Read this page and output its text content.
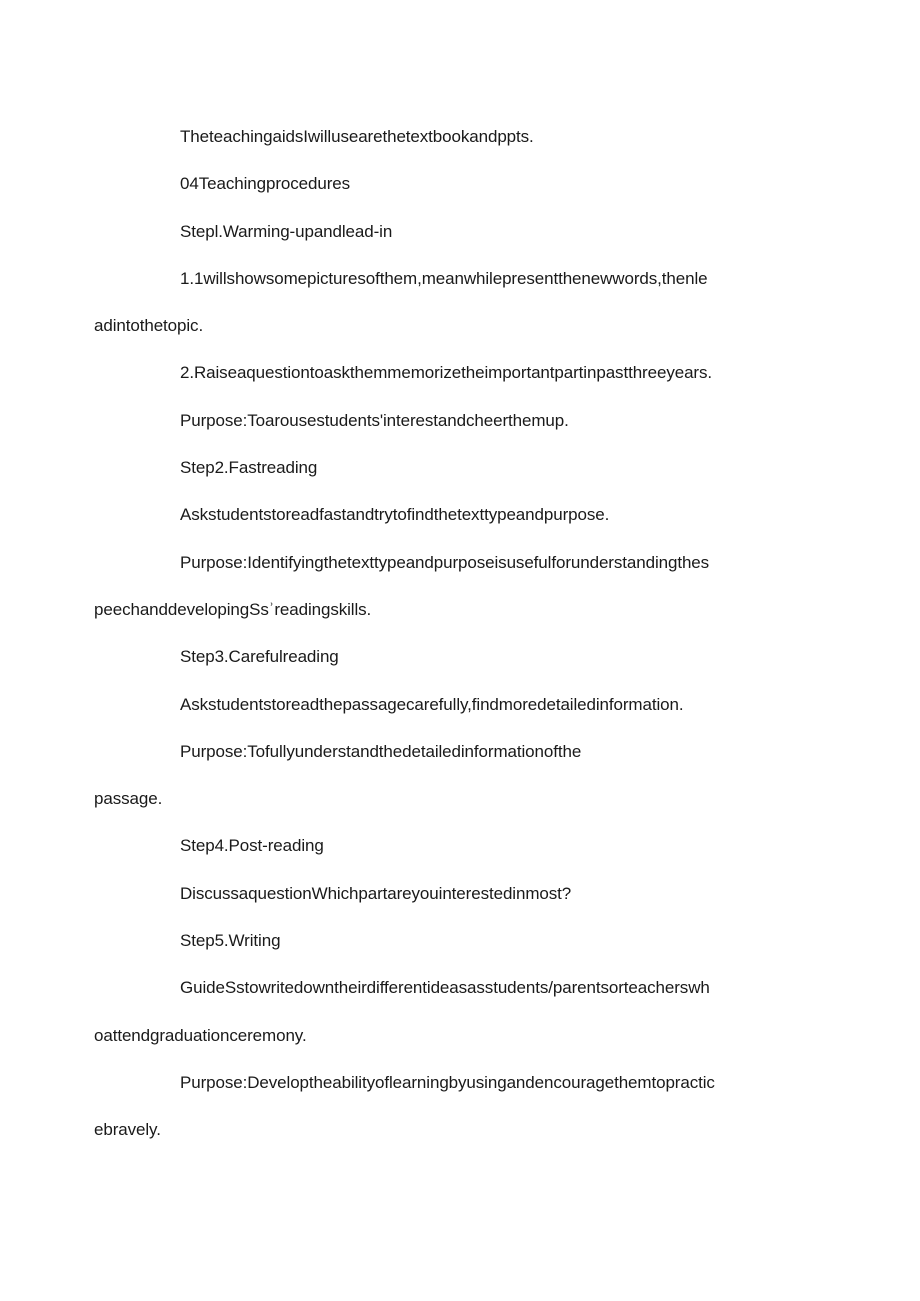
TheteachingaidsIwillusearethetextbookandppts.

04Teachingprocedures

Stepl.Warming-upandlead-in

1.1willshowsomepicturesofthem,meanwhilepresentthenewwords,thenle
adintothetopic.

2.Raiseaquestiontoaskthemmemorizetheimportantpartinpastthreeyears.

Purpose:Toarousestudents'interestandcheerthemup.

Step2.Fastreading

Askstudentstoreadfastandtrytofindthetexttypeandpurpose.

Purpose:Identifyingthetexttypeandpurposeisusefulforunderstandingthes
peechanddevelopingSsʾreadingskills.

Step3.Carefulreading

Askstudentstoreadthepassagecarefully,findmoredetailedinformation.

Purpose:Tofullyunderstandthedetailedinformationofthe
passage.

Step4.Post-reading

DiscussaquestionWhichpartareyouinterestedinmost?

Step5.Writing

GuideSstowritedowntheirdifferentideasasstudents/parentsorteacherswh
oattendgraduationceremony.

Purpose:Developtheabilityoflearningbyusingandencouragethemtopractic
ebravely.
